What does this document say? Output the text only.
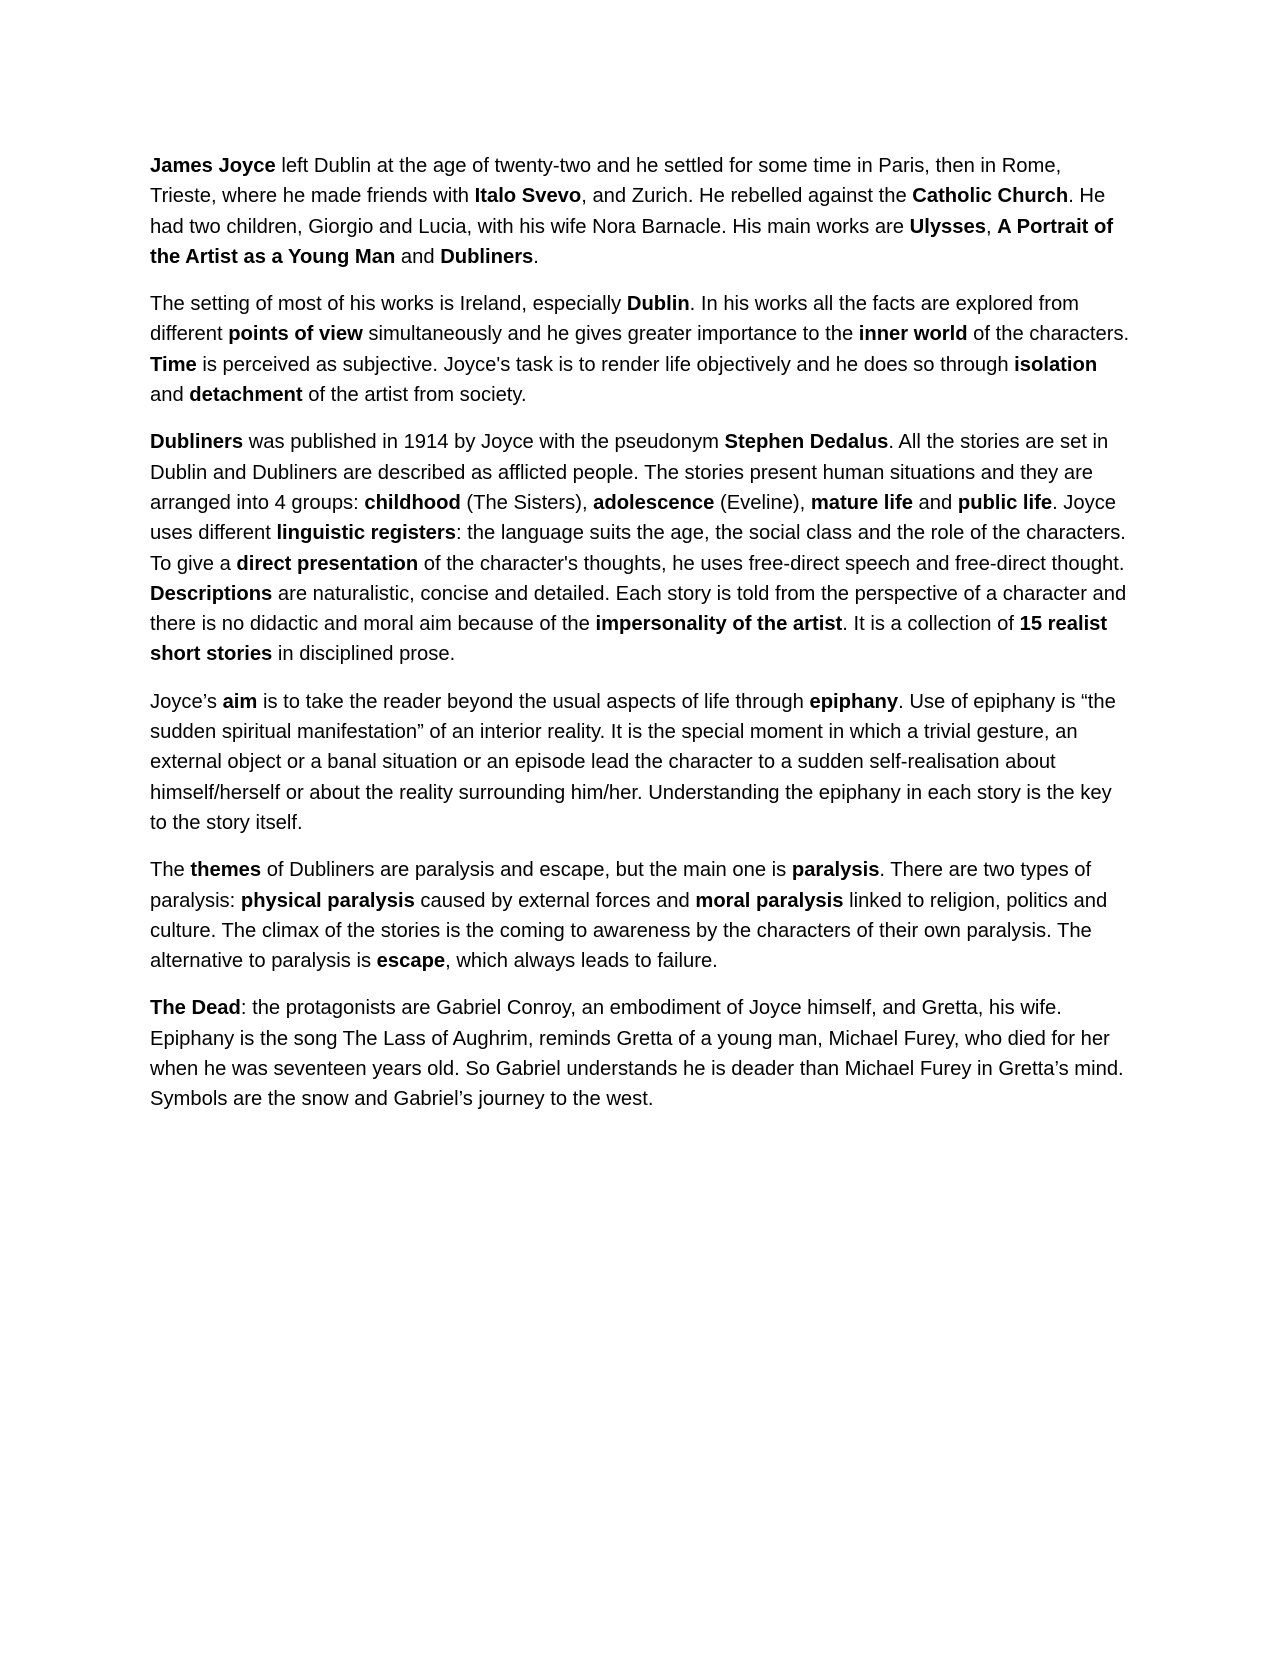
James Joyce left Dublin at the age of twenty-two and he settled for some time in Paris, then in Rome, Trieste, where he made friends with Italo Svevo, and Zurich. He rebelled against the Catholic Church. He had two children, Giorgio and Lucia, with his wife Nora Barnacle. His main works are Ulysses, A Portrait of the Artist as a Young Man and Dubliners.

The setting of most of his works is Ireland, especially Dublin. In his works all the facts are explored from different points of view simultaneously and he gives greater importance to the inner world of the characters. Time is perceived as subjective. Joyce's task is to render life objectively and he does so through isolation and detachment of the artist from society.

Dubliners was published in 1914 by Joyce with the pseudonym Stephen Dedalus. All the stories are set in Dublin and Dubliners are described as afflicted people. The stories present human situations and they are arranged into 4 groups: childhood (The Sisters), adolescence (Eveline), mature life and public life. Joyce uses different linguistic registers: the language suits the age, the social class and the role of the characters. To give a direct presentation of the character's thoughts, he uses free-direct speech and free-direct thought. Descriptions are naturalistic, concise and detailed. Each story is told from the perspective of a character and there is no didactic and moral aim because of the impersonality of the artist. It is a collection of 15 realist short stories in disciplined prose.

Joyce’s aim is to take the reader beyond the usual aspects of life through epiphany. Use of epiphany is “the sudden spiritual manifestation” of an interior reality. It is the special moment in which a trivial gesture, an external object or a banal situation or an episode lead the character to a sudden self-realisation about himself/herself or about the reality surrounding him/her. Understanding the epiphany in each story is the key to the story itself.

The themes of Dubliners are paralysis and escape, but the main one is paralysis. There are two types of paralysis: physical paralysis caused by external forces and moral paralysis linked to religion, politics and culture. The climax of the stories is the coming to awareness by the characters of their own paralysis. The alternative to paralysis is escape, which always leads to failure.

The Dead: the protagonists are Gabriel Conroy, an embodiment of Joyce himself, and Gretta, his wife. Epiphany is the song The Lass of Aughrim, reminds Gretta of a young man, Michael Furey, who died for her when he was seventeen years old. So Gabriel understands he is deader than Michael Furey in Gretta’s mind. Symbols are the snow and Gabriel’s journey to the west.
